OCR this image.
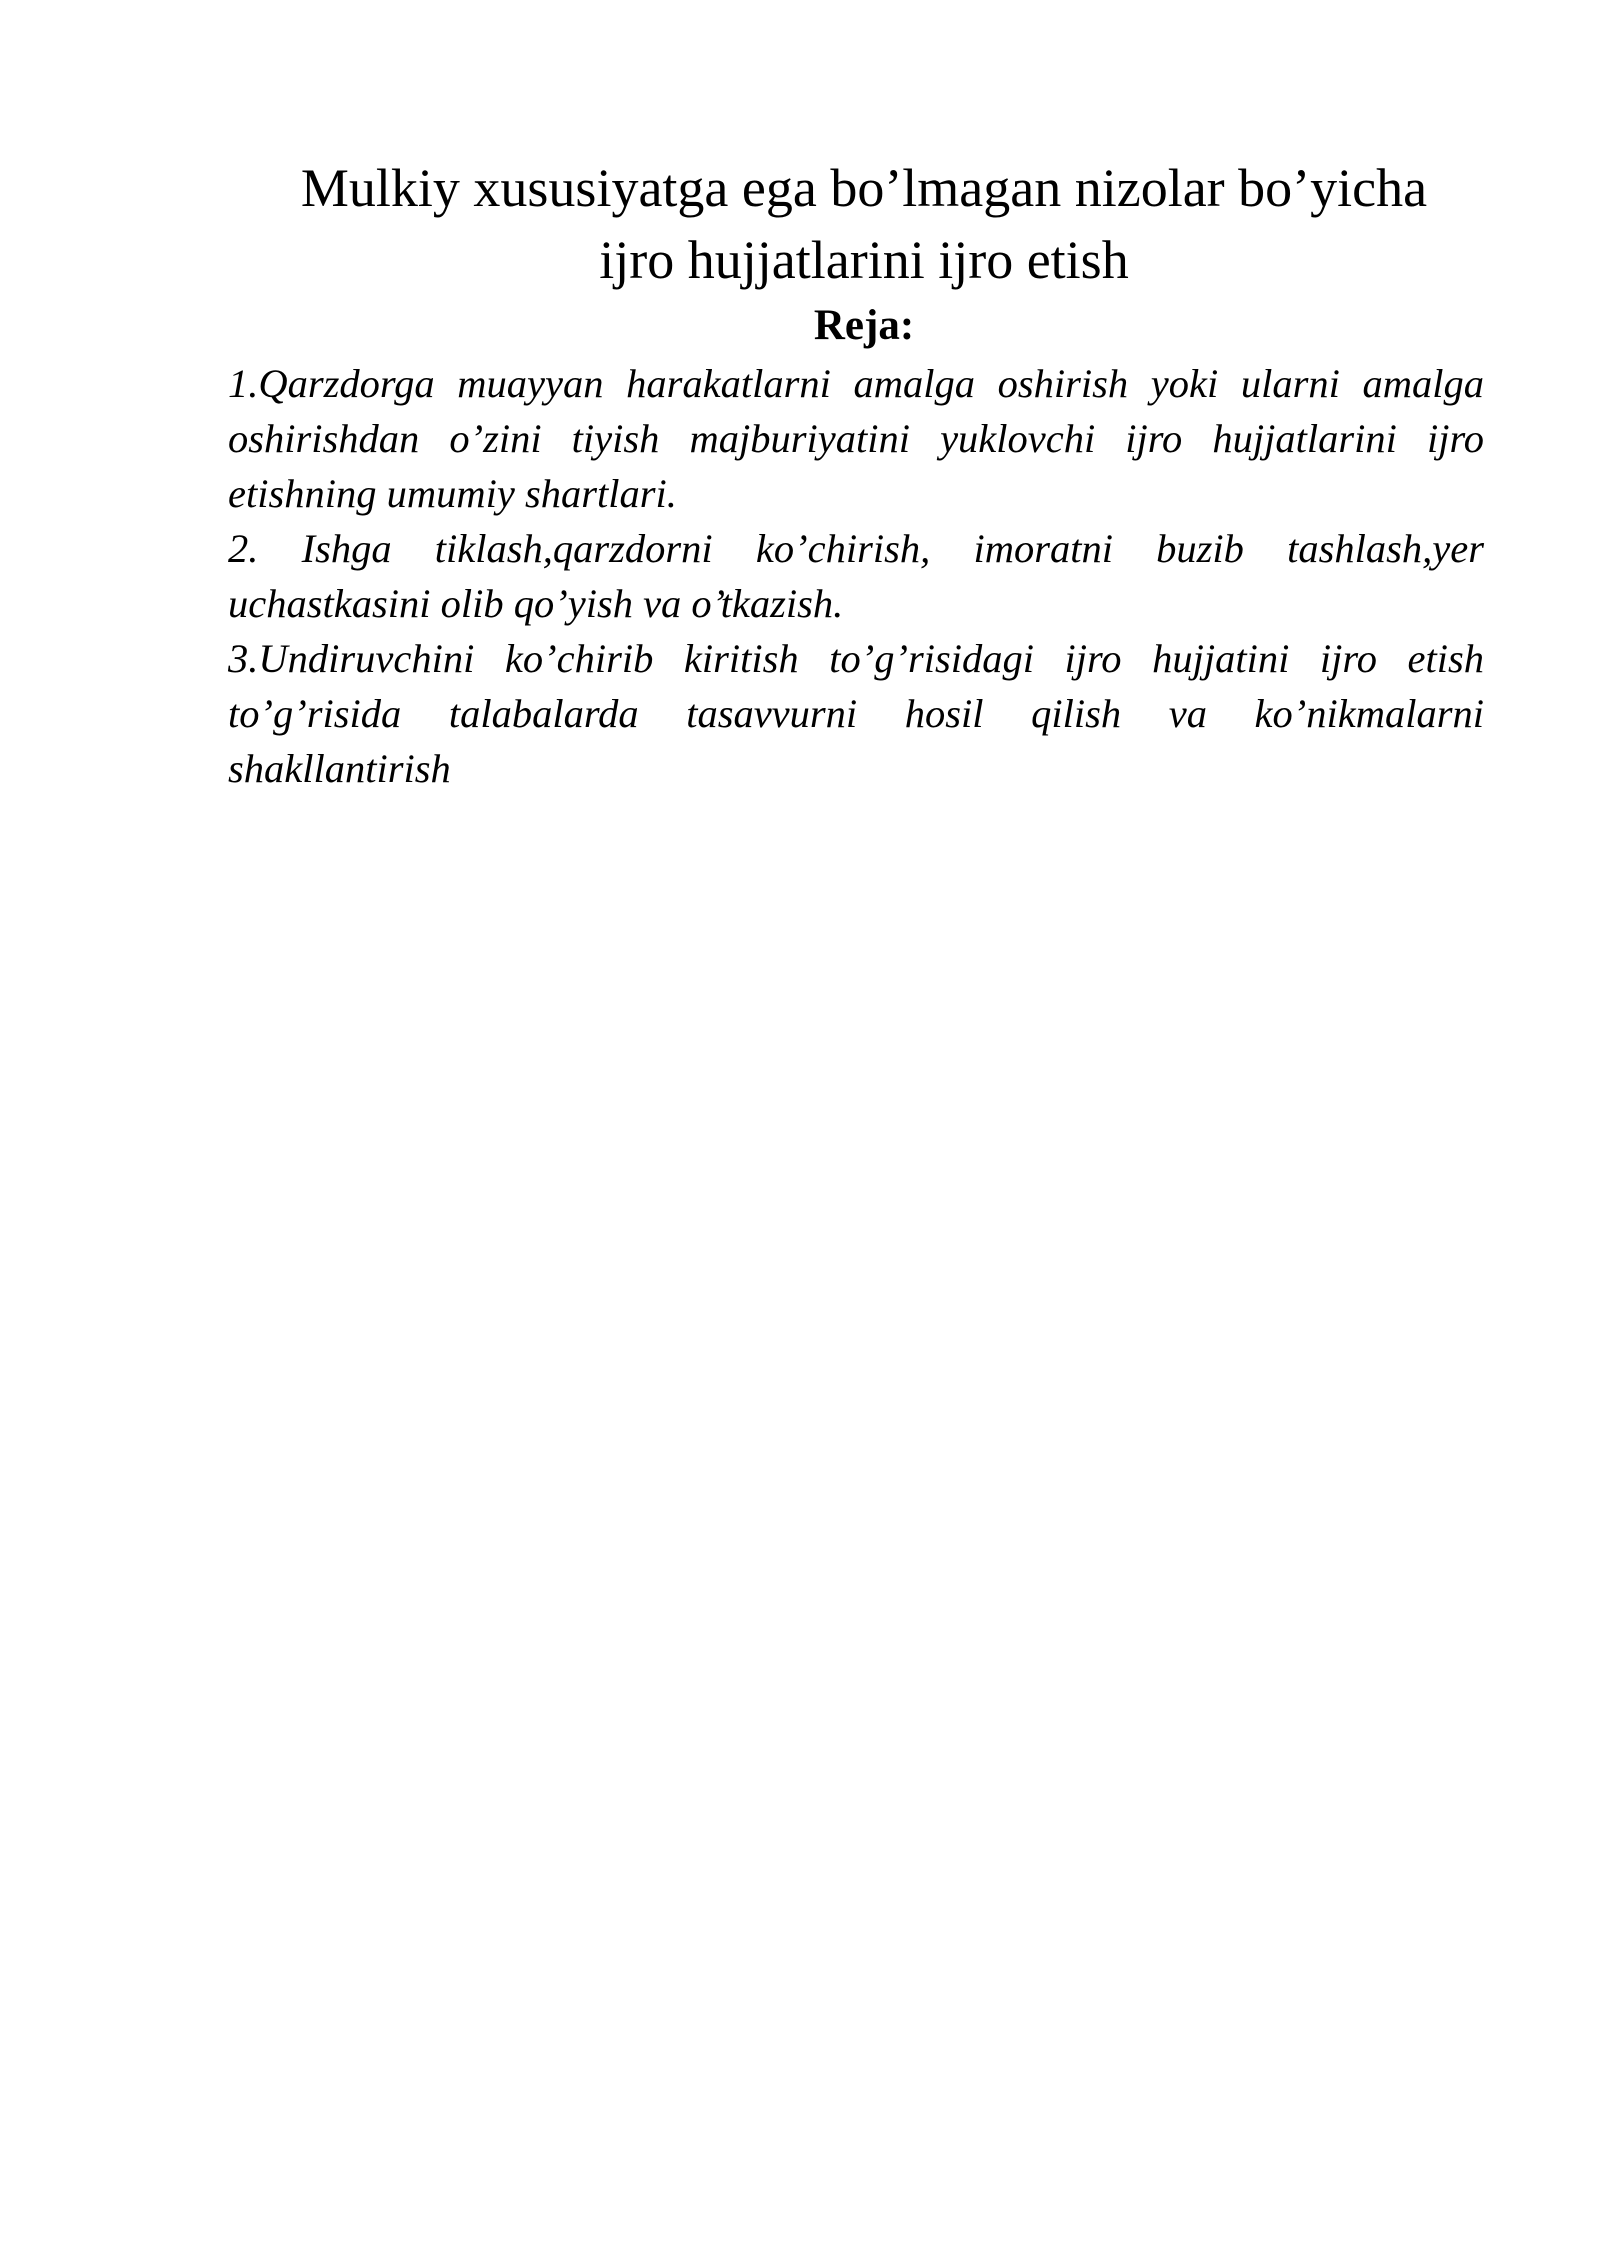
Mulkiy xususiyatga ega bo’lmagan nizolar bo’yicha
ijro hujjatlarini ijro etish
Reja:
1.Qarzdorga muayyan harakatlarni amalga oshirish yoki ularni amalga oshirishdan o’zini tiyish majburiyatini yuklovchi ijro hujjatlarini ijro etishning umumiy shartlari.
2. Ishga tiklash,qarzdorni ko’chirish, imoratni buzib tashlash,yer uchastkasini olib qo’yish va o’tkazish.
3.Undiruvchini ko’chirib kiritish to’g’risidagi ijro hujjatini ijro etish to’g’risida talabalarda tasavvurni hosil qilish va ko’nikmalarni shakllantirish
